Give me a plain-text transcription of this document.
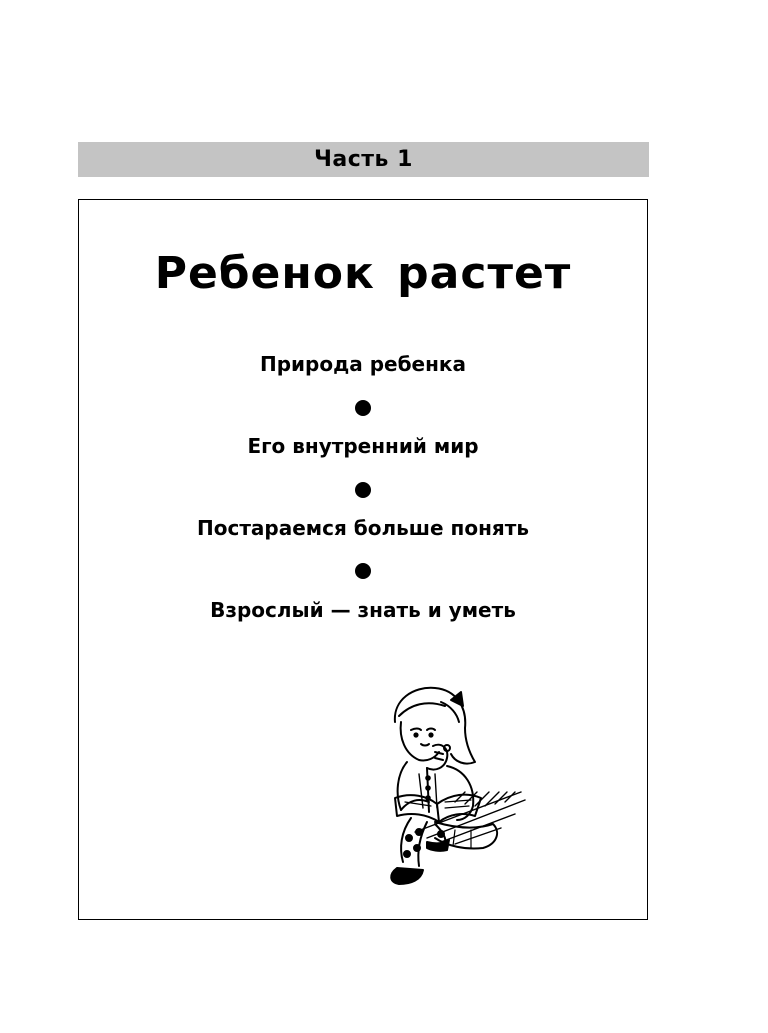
Часть 1
Ребенок растет
Природа ребенка
Его внутренний мир
Постараемся больше понять
Взрослый — знать и уметь
